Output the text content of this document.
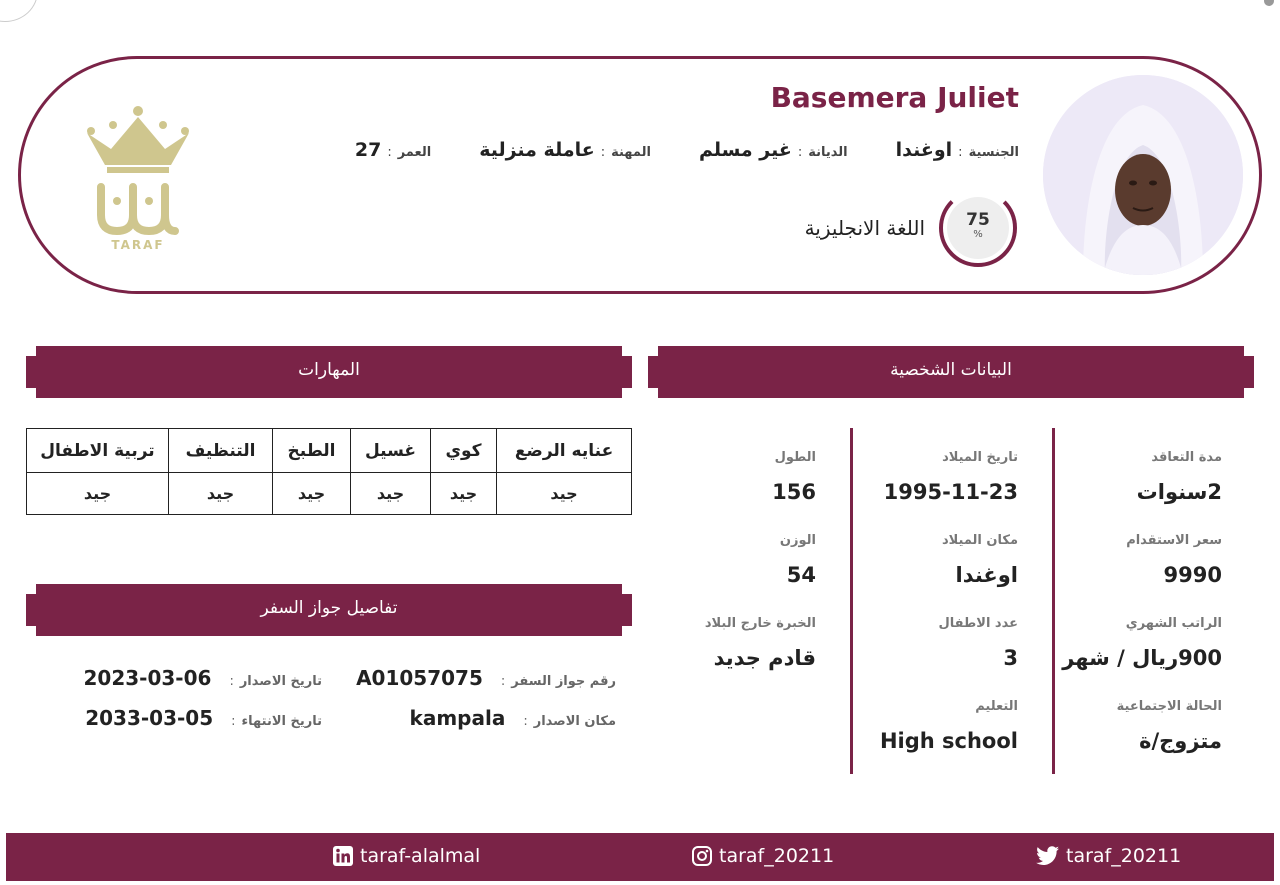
TARAF
Basemera Juliet
الجنسية
:
اوغندا
الديانة
:
غير مسلم
المهنة
:
عاملة منزلية
العمر
:
27
75
%
اللغة الانجليزية
البيانات الشخصية
المهارات
مدة التعاقد
2سنوات
سعر الاستقدام
9990
الراتب الشهري
900ريال / شهر
الحالة الاجتماعية
متزوج/ة
تاريخ الميلاد
1995-11-23
مكان الميلاد
اوغندا
عدد الاطفال
3
التعليم
High school
الطول
156
الوزن
54
الخبرة خارج البلاد
قادم جديد
عنايه الرضع	كوي	غسيل	الطبخ	التنظيف	تربية الاطفال
جيد	جيد	جيد	جيد	جيد	جيد
تفاصيل جواز السفر
رقم جواز السفر
:
A01057075
تاريخ الاصدار
:
2023-03-06
مكان الاصدار
:
kampala
تاريخ الانتهاء
:
2033-03-05
taraf-alalmal	taraf_20211	taraf_20211
